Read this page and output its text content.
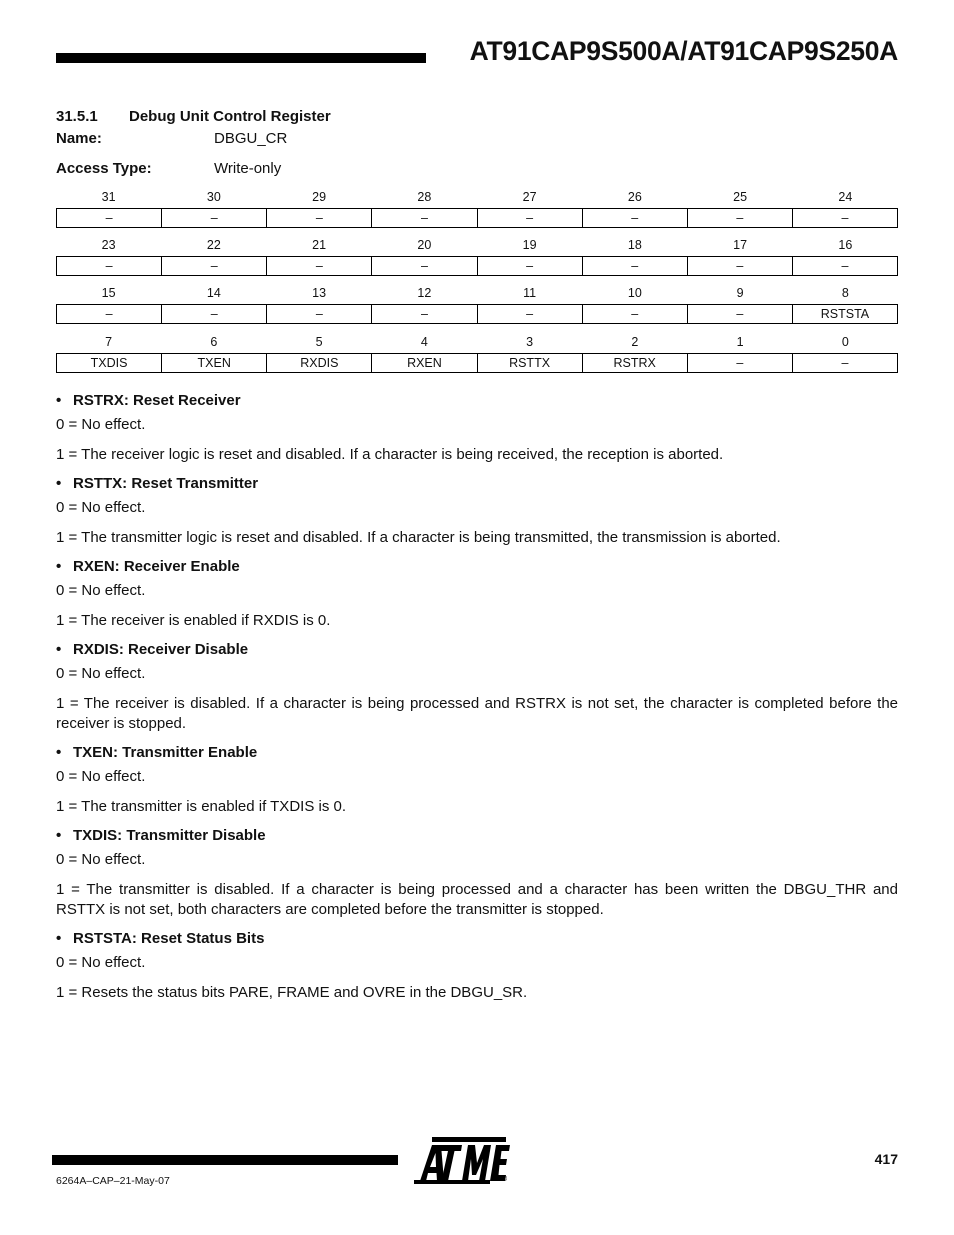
AT91CAP9S500A/AT91CAP9S250A
31.5.1 Debug Unit Control Register
Name:	DBGU_CR
Access Type:	Write-only
31	30	29	28	27	26	25	24
–	–	–	–	–	–	–	–
23	22	21	20	19	18	17	16
–	–	–	–	–	–	–	–
15	14	13	12	11	10	9	8
–	–	–	–	–	–	–	RSTSTA
7	6	5	4	3	2	1	0
TXDIS	TXEN	RXDIS	RXEN	RSTTX	RSTRX	–	–

• RSTRX: Reset Receiver

0 = No effect.

1 = The receiver logic is reset and disabled. If a character is being received, the reception is aborted.

• RSTTX: Reset Transmitter

0 = No effect.

1 = The transmitter logic is reset and disabled. If a character is being transmitted, the transmission is aborted.

• RXEN: Receiver Enable

0 = No effect.

1 = The receiver is enabled if RXDIS is 0.

• RXDIS: Receiver Disable

0 = No effect.

1 = The receiver is disabled. If a character is being processed and RSTRX is not set, the character is completed before the receiver is stopped.

• TXEN: Transmitter Enable

0 = No effect.

1 = The transmitter is enabled if TXDIS is 0.

• TXDIS: Transmitter Disable

0 = No effect.

1 = The transmitter is disabled. If a character is being processed and a character has been written the DBGU_THR and RSTTX is not set, both characters are completed before the transmitter is stopped.

• RSTSTA: Reset Status Bits

0 = No effect.

1 = Resets the status bits PARE, FRAME and OVRE in the DBGU_SR.

6264A–CAP–21-May-07
417
®
